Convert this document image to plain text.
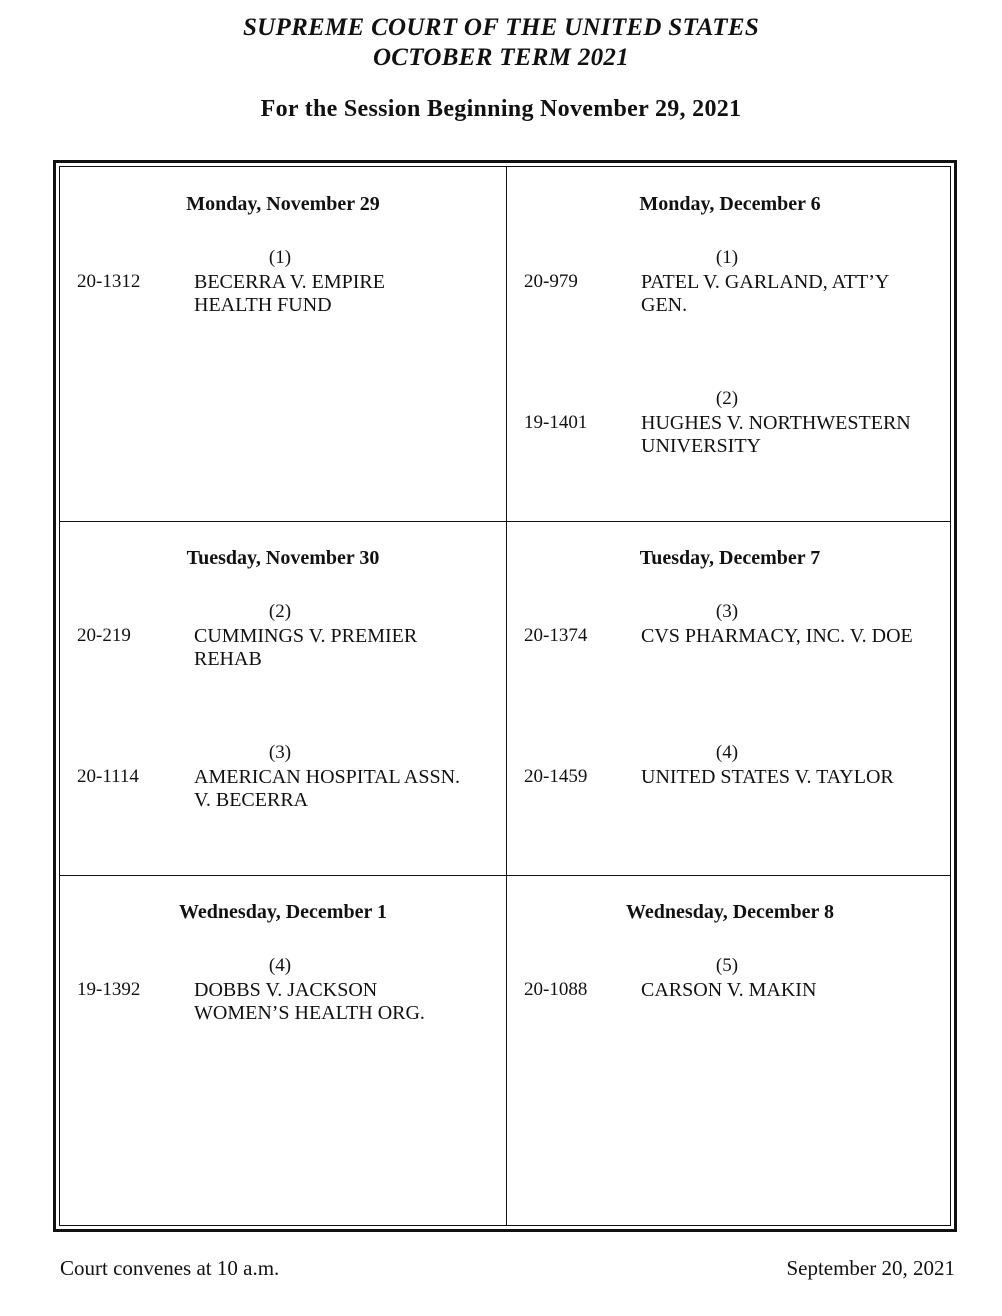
SUPREME COURT OF THE UNITED STATES
OCTOBER TERM 2021
For the Session Beginning November 29, 2021
Monday, November 29
(1)
20-1312	BECERRA V. EMPIRE
HEALTH FUND
Monday, December 6
(1)
20-979	PATEL V. GARLAND, ATT’Y
GEN.
(2)
19-1401	HUGHES V. NORTHWESTERN
UNIVERSITY
Tuesday, November 30
(2)
20-219	CUMMINGS V. PREMIER
REHAB
(3)
20-1114	AMERICAN HOSPITAL ASSN.
V. BECERRA
Tuesday, December 7
(3)
20-1374	CVS PHARMACY, INC. V. DOE
(4)
20-1459	UNITED STATES V. TAYLOR
Wednesday, December 1
(4)
19-1392	DOBBS V. JACKSON
WOMEN’S HEALTH ORG.
Wednesday, December 8
(5)
20-1088	CARSON V. MAKIN
Court convenes at 10 a.m.	September 20, 2021
